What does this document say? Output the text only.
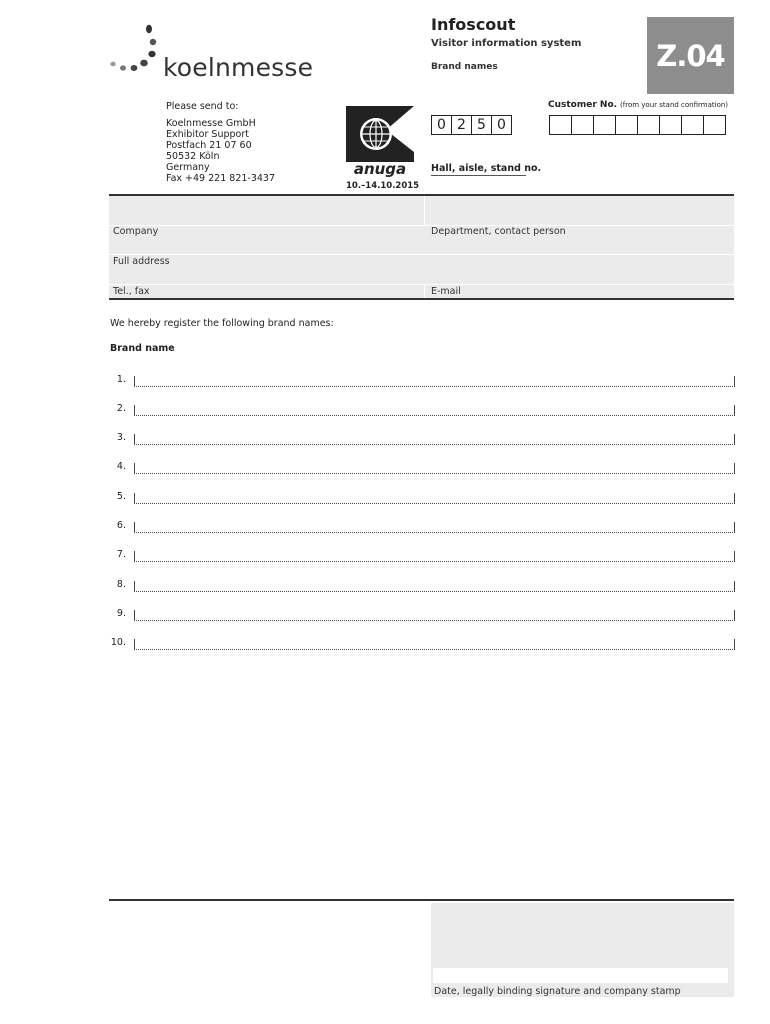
koelnmesse
Infoscout
Visitor information system
Brand names	Z.04
Please send to:
Koelnmesse GmbH
Exhibitor Support
Postfach 21 07 60
50532 Köln
Germany
Fax +49 221 821-3437
anuga
10.–14.10.2015
Customer No. (from your stand confirmation)
0 2 5 0
Hall, aisle, stand no.
Company	Department, contact person
Full address
Tel., fax	E-mail
We hereby register the following brand names:
Brand name
1.
2.
3.
4.
5.
6.
7.
8.
9.
10.
Date, legally binding signature and company stamp
